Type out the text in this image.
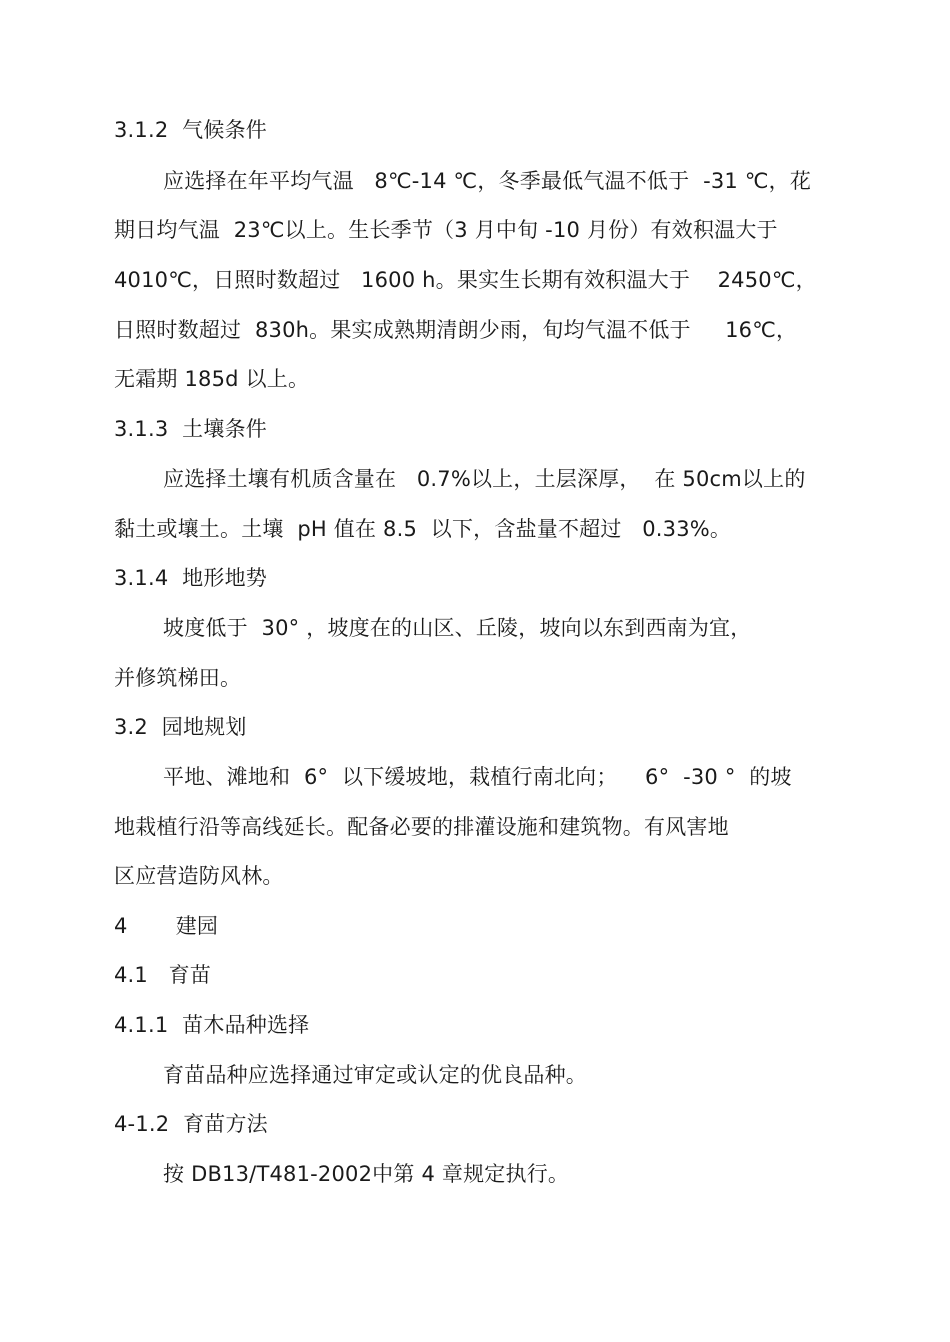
3.1.2  气候条件
应选择在年平均气温   8℃-14 ℃，冬季最低气温不低于  -31 ℃，花
期日均气温  23℃以上。生长季节（3 月中旬 -10 月份）有效积温大于
4010℃，日照时数超过   1600 h。果实生长期有效积温大于    2450℃，
日照时数超过  830h。果实成熟期清朗少雨，旬均气温不低于     16℃，
无霜期 185d 以上。
3.1.3  土壤条件
应选择土壤有机质含量在   0.7%以上，土层深厚，  在 50cm以上的
黏土或壤土。土壤  pH 值在 8.5  以下，含盐量不超过   0.33%。
3.1.4  地形地势
坡度低于  30° ，坡度在的山区、丘陵，坡向以东到西南为宜，
并修筑梯田。
3.2  园地规划
平地、滩地和  6°  以下缓坡地，栽植行南北向；    6°  -30 °  的坡
地栽植行沿等高线延长。配备必要的排灌设施和建筑物。有风害地
区应营造防风林。
4       建园
4.1   育苗
4.1.1  苗木品种选择
育苗品种应选择通过审定或认定的优良品种。
4-1.2  育苗方法
按 DB13/T481-2002中第 4 章规定执行。
